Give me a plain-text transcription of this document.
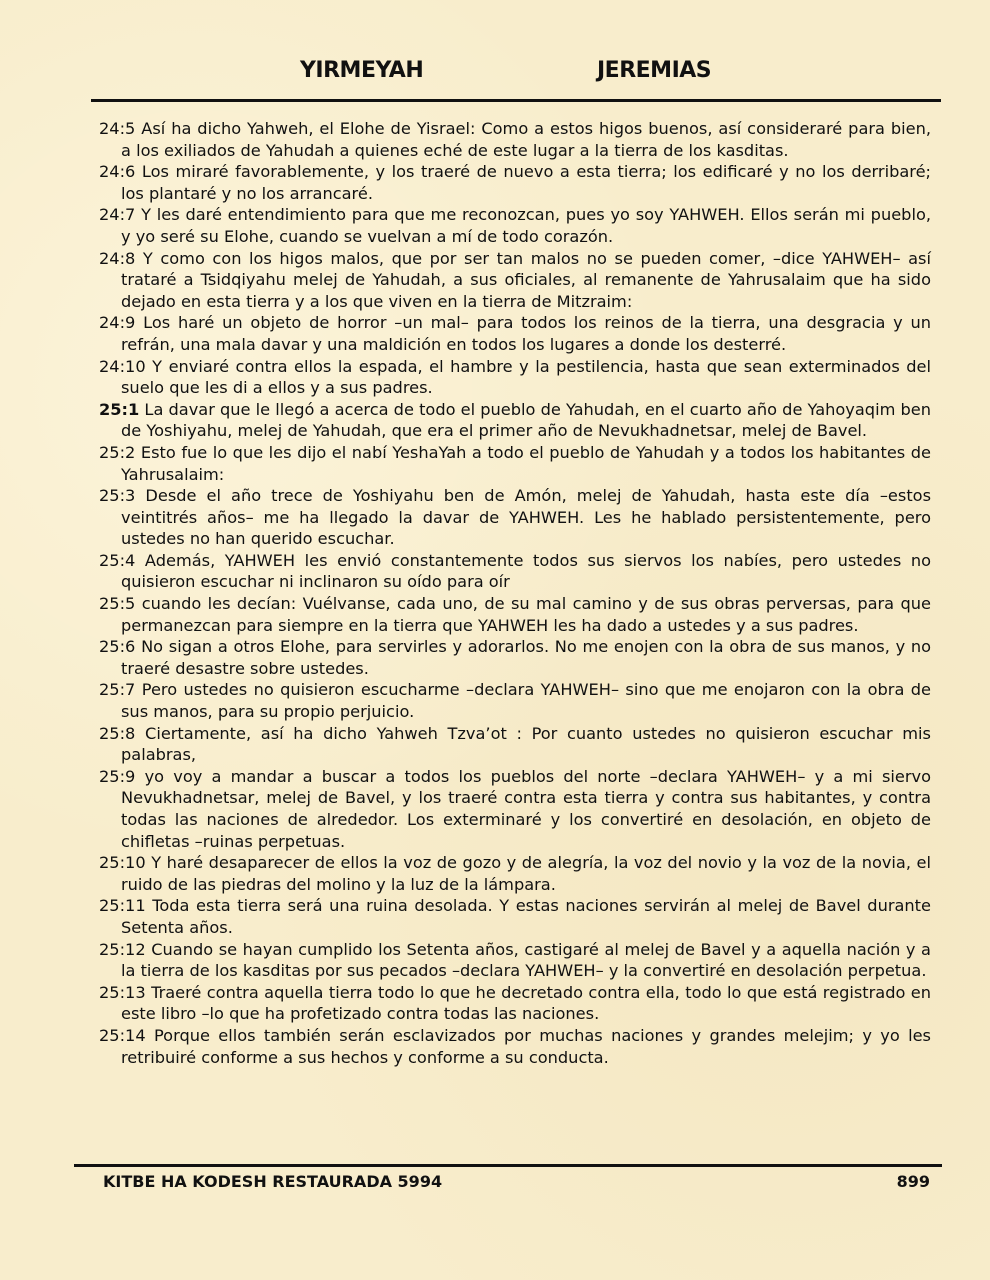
YIRMEYAH	JEREMIAS

24:5 Así ha dicho Yahweh, el Elohe de Yisrael: Como a estos higos buenos, así consideraré para bien, a los exiliados de Yahudah a quienes eché de este lugar a la tierra de los kasditas.

24:6 Los miraré favorablemente, y los traeré de nuevo a esta tierra; los edificaré y no los derribaré; los plantaré y no los arrancaré.

24:7 Y les daré entendimiento para que me reconozcan, pues yo soy YAHWEH. Ellos serán mi pueblo, y yo seré su Elohe, cuando se vuelvan a mí de todo corazón.

24:8 Y como con los higos malos, que por ser tan malos no se pueden comer, –dice YAHWEH– así trataré a Tsidqiyahu melej de Yahudah, a sus oficiales, al remanente de Yahrusalaim que ha sido dejado en esta tierra y a los que viven en la tierra de Mitzraim:

24:9 Los haré un objeto de horror –un mal– para todos los reinos de la tierra, una desgracia y un refrán, una mala davar y una maldición en todos los lugares a donde los desterré.

24:10 Y enviaré contra ellos la espada, el hambre y la pestilencia, hasta que sean exterminados del suelo que les di a ellos y a sus padres.

25:1 La davar que le llegó a acerca de todo el pueblo de Yahudah, en el cuarto año de Yahoyaqim ben de Yoshiyahu, melej de Yahudah, que era el primer año de Nevukhadnetsar, melej de Bavel.

25:2 Esto fue lo que les dijo el nabí YeshaYah a todo el pueblo de Yahudah y a todos los habitantes de Yahrusalaim:

25:3 Desde el año trece de Yoshiyahu ben de Amón, melej de Yahudah, hasta este día –estos veintitrés años– me ha llegado la davar de YAHWEH. Les he hablado persistentemente, pero ustedes no han querido escuchar.

25:4 Además, YAHWEH les envió constantemente todos sus siervos los nabíes, pero ustedes no quisieron escuchar ni inclinaron su oído para oír

25:5 cuando les decían: Vuélvanse, cada uno, de su mal camino y de sus obras perversas, para que permanezcan para siempre en la tierra que YAHWEH les ha dado a ustedes y a sus padres.

25:6 No sigan a otros Elohe, para servirles y adorarlos. No me enojen con la obra de sus manos, y no traeré desastre sobre ustedes.

25:7 Pero ustedes no quisieron escucharme –declara YAHWEH– sino que me enojaron con la obra de sus manos, para su propio perjuicio.

25:8 Ciertamente, así ha dicho Yahweh Tzva’ot : Por cuanto ustedes no quisieron escuchar mis palabras,

25:9 yo voy a mandar a buscar a todos los pueblos del norte –declara YAHWEH– y a mi siervo Nevukhadnetsar, melej de Bavel, y los traeré contra esta tierra y contra sus habitantes, y contra todas las naciones de alrededor. Los exterminaré y los convertiré en desolación, en objeto de chifletas –ruinas perpetuas.

25:10 Y haré desaparecer de ellos la voz de gozo y de alegría, la voz del novio y la voz de la novia, el ruido de las piedras del molino y la luz de la lámpara.

25:11 Toda esta tierra será una ruina desolada. Y estas naciones servirán al melej de Bavel durante Setenta años.

25:12 Cuando se hayan cumplido los Setenta años, castigaré al melej de Bavel y a aquella nación y a la tierra de los kasditas por sus pecados –declara YAHWEH– y la convertiré en desolación perpetua.

25:13 Traeré contra aquella tierra todo lo que he decretado contra ella, todo lo que está registrado en este libro –lo que ha profetizado contra todas las naciones.

25:14 Porque ellos también serán esclavizados por muchas naciones y grandes melejim; y yo les retribuiré conforme a sus hechos y conforme a su conducta.

KITBE HA KODESH RESTAURADA 5994	899
